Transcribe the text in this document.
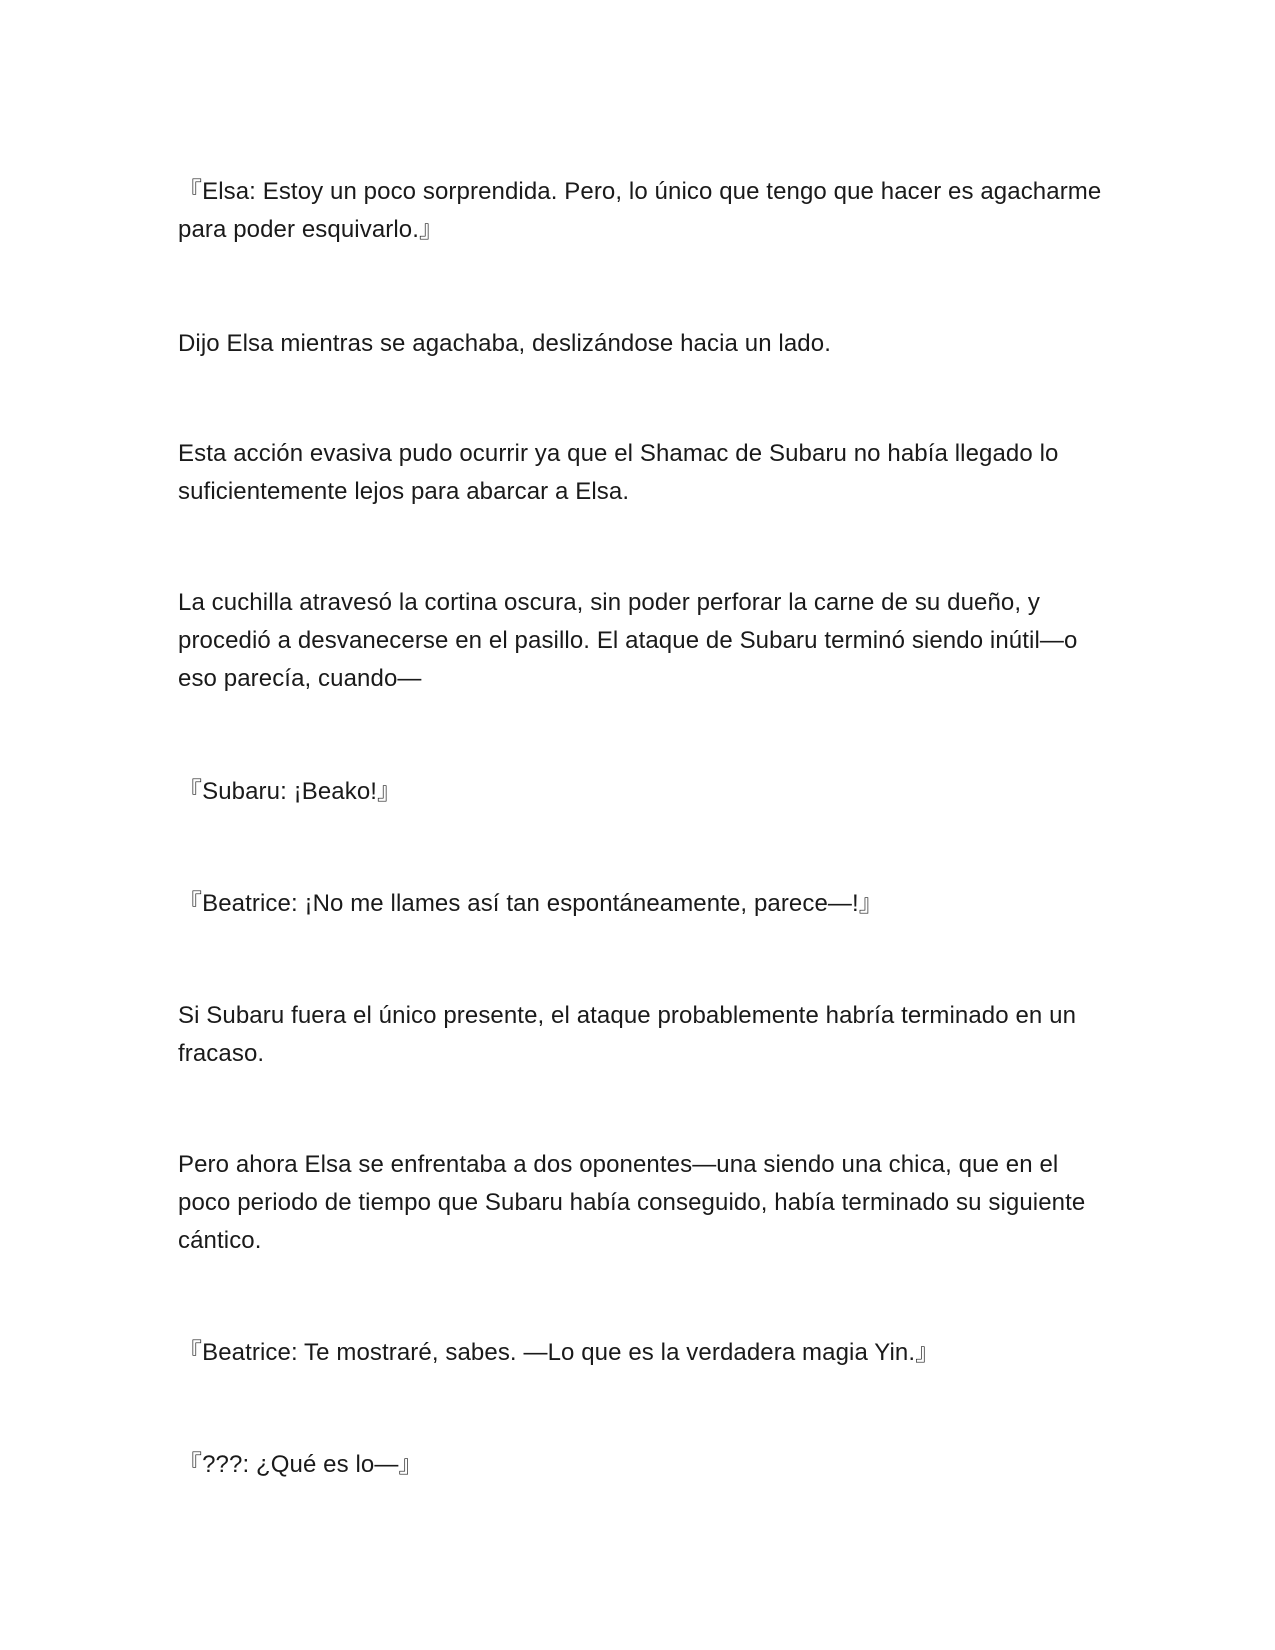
『Elsa: Estoy un poco sorprendida. Pero, lo único que tengo que hacer es agacharme para poder esquivarlo.』

Dijo Elsa mientras se agachaba, deslizándose hacia un lado.

Esta acción evasiva pudo ocurrir ya que el Shamac de Subaru no había llegado lo suficientemente lejos para abarcar a Elsa.

La cuchilla atravesó la cortina oscura, sin poder perforar la carne de su dueño, y procedió a desvanecerse en el pasillo. El ataque de Subaru terminó siendo inútil—o eso parecía, cuando—

『Subaru: ¡Beako!』

『Beatrice: ¡No me llames así tan espontáneamente, parece—!』

Si Subaru fuera el único presente, el ataque probablemente habría terminado en un fracaso.

Pero ahora Elsa se enfrentaba a dos oponentes—una siendo una chica, que en el poco periodo de tiempo que Subaru había conseguido, había terminado su siguiente cántico.

『Beatrice: Te mostraré, sabes. —Lo que es la verdadera magia Yin.』

『???: ¿Qué es lo—』
